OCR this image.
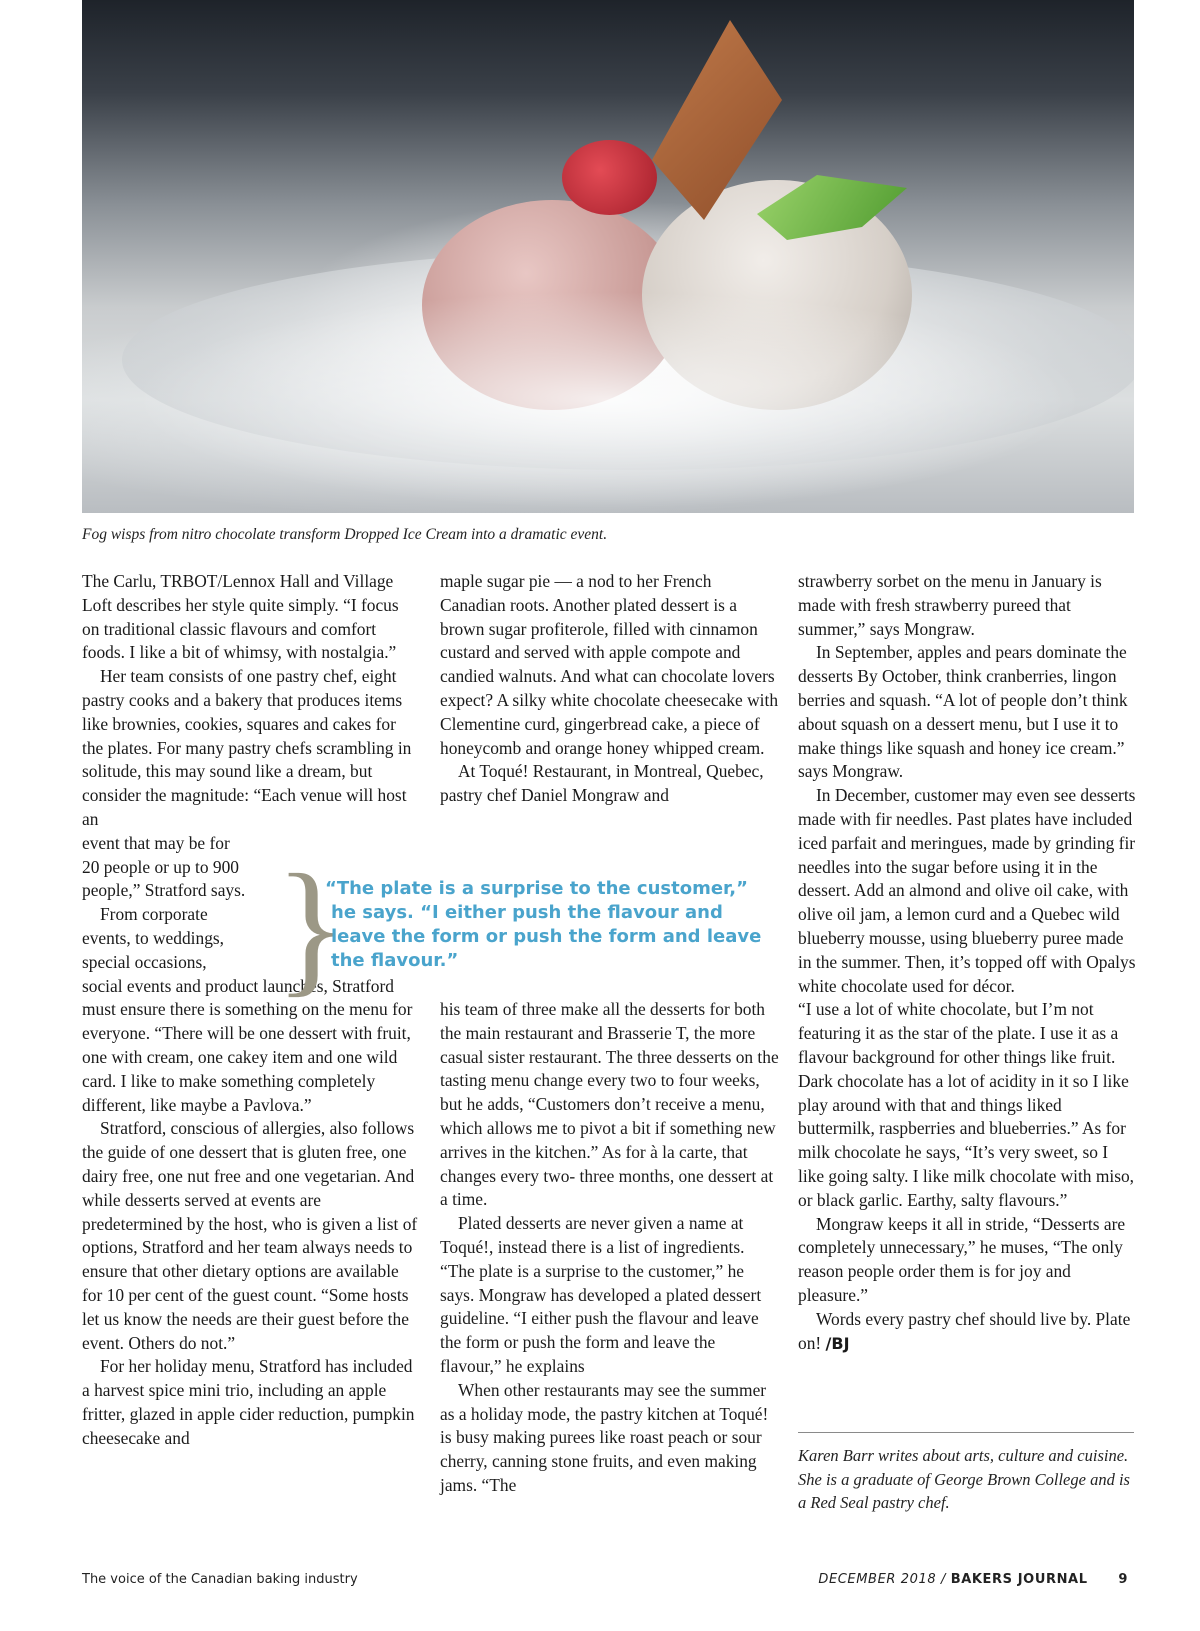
Fog wisps from nitro chocolate transform Dropped Ice Cream into a dramatic event.

The Carlu, TRBOT/Lennox Hall and Village Loft describes her style quite simply. “I focus on traditional classic flavours and comfort foods. I like a bit of whimsy, with nostalgia.”

Her team consists of one pastry chef, eight pastry cooks and a bakery that produces items like brownies, cookies, squares and cakes for the plates. For many pastry chefs scrambling in solitude, this may sound like a dream, but consider the magnitude: “Each venue will host an

event that may be for

20 people or up to 900

people,” Stratford says.

From corporate

events, to weddings,

special occasions,

social events and product launches, Stratford must ensure there is something on the menu for everyone. “There will be one dessert with fruit, one with cream, one cakey item and one wild card. I like to make something completely different, like maybe a Pavlova.”

Stratford, conscious of allergies, also follows the guide of one dessert that is gluten free, one dairy free, one nut free and one vegetarian. And while desserts served at events are predetermined by the host, who is given a list of options, Stratford and her team always needs to ensure that other dietary options are available for 10 per cent of the guest count. “Some hosts let us know the needs are their guest before the event. Others do not.”

For her holiday menu, Stratford has included a harvest spice mini trio, including an apple fritter, glazed in apple cider reduction, pumpkin cheesecake and

maple sugar pie — a nod to her French Canadian roots. Another plated dessert is a brown sugar profiterole, filled with cinnamon custard and served with apple compote and candied walnuts. And what can chocolate lovers expect? A silky white chocolate cheesecake with Clementine curd, gingerbread cake, a piece of honeycomb and orange honey whipped cream.

At Toqué! Restaurant, in Montreal, Quebec, pastry chef Daniel Mongraw and

his team of three make all the desserts for both the main restaurant and Brasserie T, the more casual sister restaurant. The three desserts on the tasting menu change every two to four weeks, but he adds, “Customers don’t receive a menu, which allows me to pivot a bit if something new arrives in the kitchen.” As for à la carte, that changes every two- three months, one dessert at a time.

Plated desserts are never given a name at Toqué!, instead there is a list of ingredients. “The plate is a surprise to the customer,” he says. Mongraw has developed a plated dessert guideline. “I either push the flavour and leave the form or push the form and leave the flavour,” he explains

When other restaurants may see the summer as a holiday mode, the pastry kitchen at Toqué! is busy making purees like roast peach or sour cherry, canning stone fruits, and even making jams. “The

strawberry sorbet on the menu in January is made with fresh strawberry pureed that summer,” says Mongraw.

In September, apples and pears dominate the desserts By October, think cranberries, lingon berries and squash. “A lot of people don’t think about squash on a dessert menu, but I use it to make things like squash and honey ice cream.” says Mongraw.

In December, customer may even see desserts made with fir needles. Past plates have included iced parfait and meringues, made by grinding fir needles into the sugar before using it in the dessert. Add an almond and olive oil cake, with olive oil jam, a lemon curd and a Quebec wild blueberry mousse, using blueberry puree made in the summer. Then, it’s topped off with Opalys white chocolate used for décor.

“I use a lot of white chocolate, but I’m not featuring it as the star of the plate. I use it as a flavour background for other things like fruit. Dark chocolate has a lot of acidity in it so I like play around with that and things liked buttermilk, raspberries and blueberries.” As for milk chocolate he says, “It’s very sweet, so I like going salty. I like milk chocolate with miso, or black garlic. Earthy, salty flavours.”

Mongraw keeps it all in stride, “Desserts are completely unnecessary,” he muses, “The only reason people order them is for joy and pleasure.”

Words every pastry chef should live by. Plate on! /BJ

}
“The plate is a surprise to the customer,”
he says. “I either push the flavour and
leave the form or push the form and leave
the flavour.”
Karen Barr writes about arts, culture and cuisine. She is a graduate of George Brown College and is a Red Seal pastry chef.
The voice of the Canadian baking industry	DECEMBER 2018 / BAKERS JOURNAL 9
